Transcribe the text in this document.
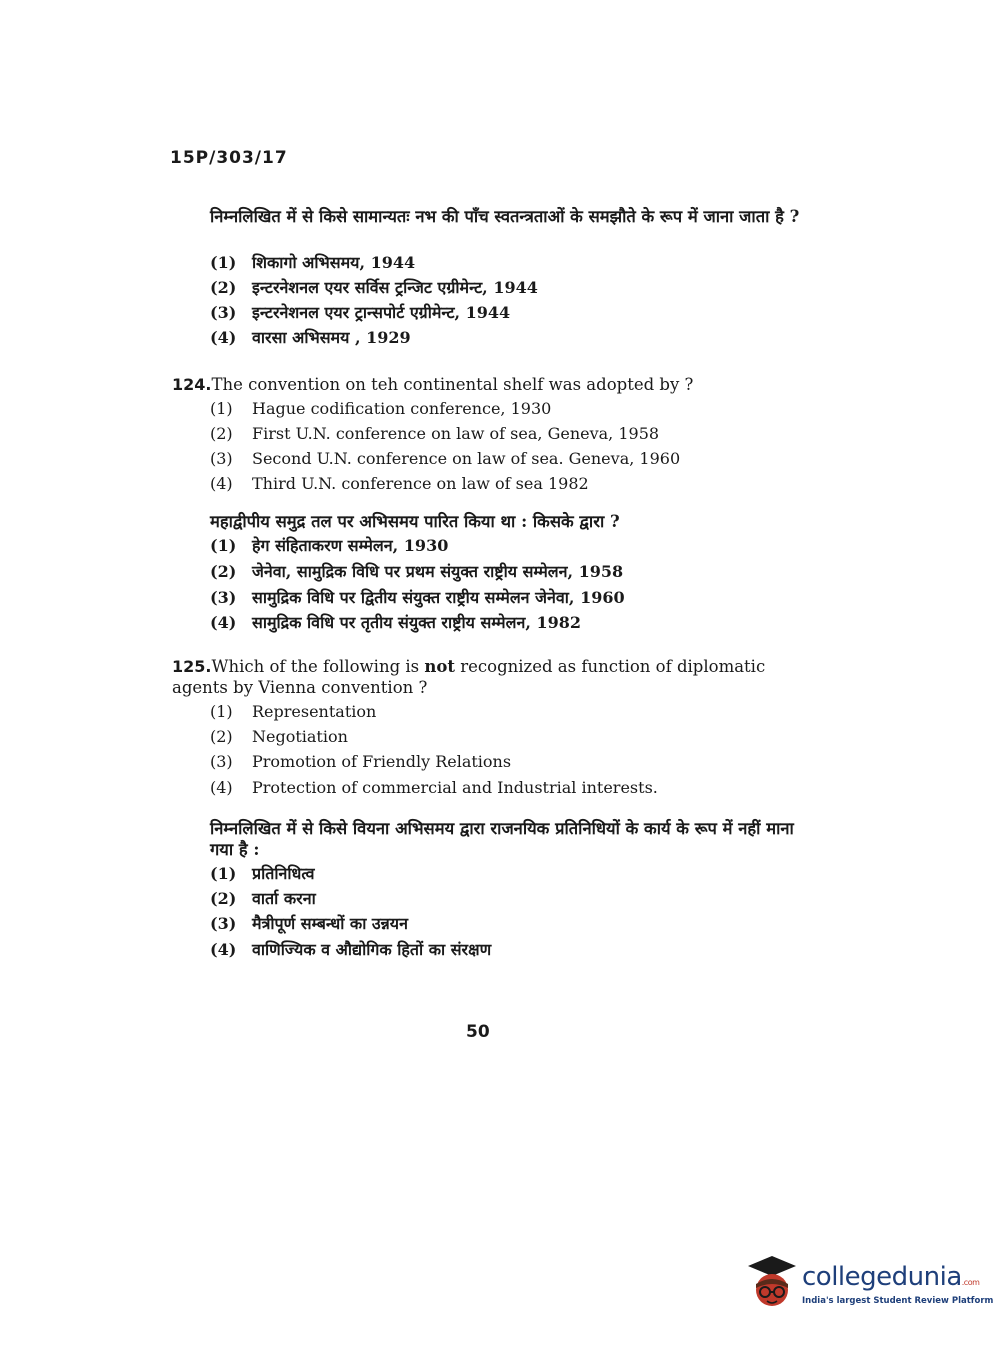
15P/303/17
निम्नलिखित में से किसे सामान्यतः नभ की पाँच स्वतन्त्रताओं के समझौते के रूप में जाना जाता है ?
(1) शिकागो अभिसमय, 1944
(2) इन्टरनेशनल एयर सर्विस ट्रन्जिट एग्रीमेन्ट, 1944
(3) इन्टरनेशनल एयर ट्रान्सपोर्ट एग्रीमेन्ट, 1944
(4) वारसा अभिसमय , 1929
124.The convention on teh continental shelf was adopted by ?
(1) Hague codification conference, 1930
(2) First U.N. conference on law of sea, Geneva, 1958
(3) Second U.N. conference on law of sea. Geneva, 1960
(4) Third U.N. conference on law of sea 1982
महाद्वीपीय समुद्र तल पर अभिसमय पारित किया था : किसके द्वारा ?
(1) हेग संहिताकरण सम्मेलन, 1930
(2) जेनेवा, सामुद्रिक विधि पर प्रथम संयुक्त राष्ट्रीय सम्मेलन, 1958
(3) सामुद्रिक विधि पर द्वितीय संयुक्त राष्ट्रीय सम्मेलन जेनेवा, 1960
(4) सामुद्रिक विधि पर तृतीय संयुक्त राष्ट्रीय सम्मेलन, 1982
125.Which of the following is not recognized as function of diplomatic agents by Vienna convention ?
(1) Representation
(2) Negotiation
(3) Promotion of Friendly Relations
(4) Protection of commercial and Industrial interests.
निम्नलिखित में से किसे वियना अभिसमय द्वारा राजनयिक प्रतिनिधियों के कार्य के रूप में नहीं माना गया है :
(1) प्रतिनिधित्व
(2) वार्ता करना
(3) मैत्रीपूर्ण सम्बन्धों का उन्नयन
(4) वाणिज्यिक व औद्योगिक हितों का संरक्षण
50
collegedunia.com
India's largest Student Review Platform
